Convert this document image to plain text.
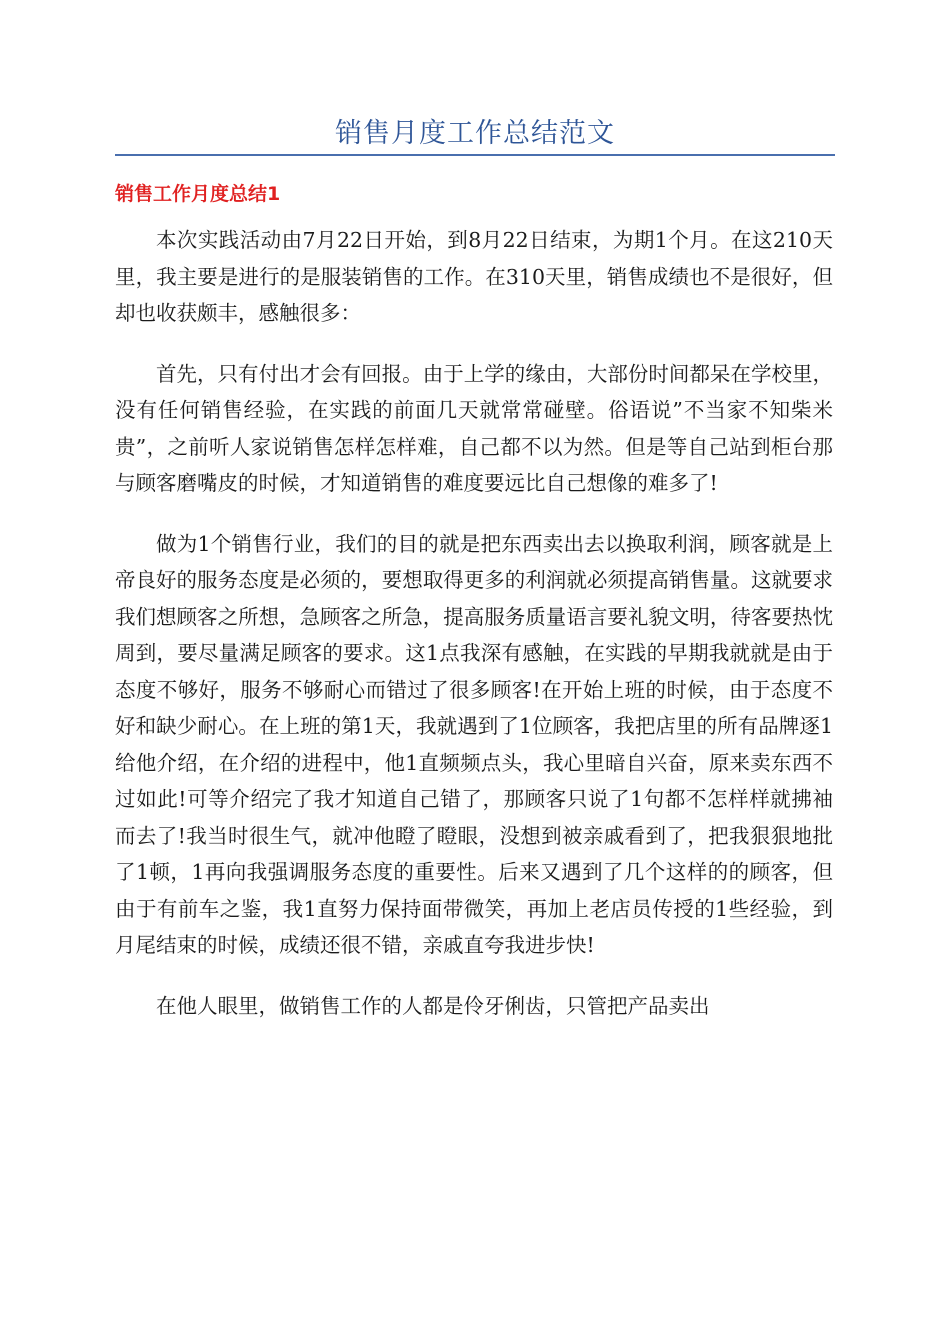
销售月度工作总结范文
销售工作月度总结1

本次实践活动由7月22日开始，到8月22日结束，为期1个月。在这210天里，我主要是进行的是服装销售的工作。在310天里，销售成绩也不是很好，但却也收获颇丰，感触很多：

首先，只有付出才会有回报。由于上学的缘由，大部份时间都呆在学校里，没有任何销售经验，在实践的前面几天就常常碰壁。俗语说”不当家不知柴米贵”，之前听人家说销售怎样怎样难，自己都不以为然。但是等自己站到柜台那与顾客磨嘴皮的时候，才知道销售的难度要远比自己想像的难多了!

做为1个销售行业，我们的目的就是把东西卖出去以换取利润，顾客就是上帝良好的服务态度是必须的，要想取得更多的利润就必须提高销售量。这就要求我们想顾客之所想，急顾客之所急，提高服务质量语言要礼貌文明，待客要热忱周到，要尽量满足顾客的要求。这1点我深有感触，在实践的早期我就就是由于态度不够好，服务不够耐心而错过了很多顾客!在开始上班的时候，由于态度不好和缺少耐心。在上班的第1天，我就遇到了1位顾客，我把店里的所有品牌逐1给他介绍，在介绍的进程中，他1直频频点头，我心里暗自兴奋，原来卖东西不过如此!可等介绍完了我才知道自己错了，那顾客只说了1句都不怎样样就拂袖而去了!我当时很生气，就冲他瞪了瞪眼，没想到被亲戚看到了，把我狠狠地批了1顿，1再向我强调服务态度的重要性。后来又遇到了几个这样的的顾客，但由于有前车之鉴，我1直努力保持面带微笑，再加上老店员传授的1些经验，到月尾结束的时候，成绩还很不错，亲戚直夸我进步快!

在他人眼里，做销售工作的人都是伶牙俐齿，只管把产品卖出
